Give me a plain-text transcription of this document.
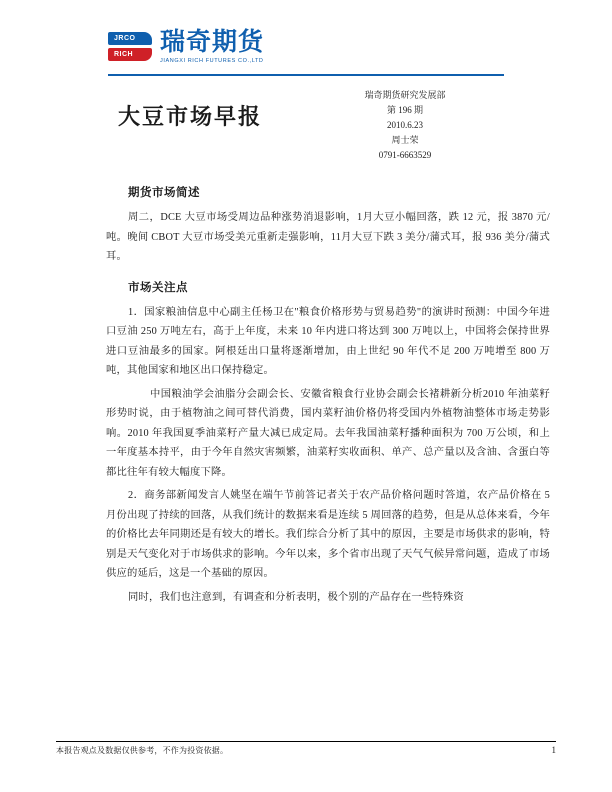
JRCO
RICH 瑞奇期货
JIANGXI RICH FUTURES CO.,LTD
大豆市场早报
瑞奇期货研究发展部
第 196 期
2010.6.23
周士荣
0791-6663529
期货市场简述

周二，DCE 大豆市场受周边品种涨势消退影响，1月大豆小幅回落，跌 12 元，报 3870 元/吨。晚间 CBOT 大豆市场受美元重新走强影响，11月大豆下跌 3 美分/蒲式耳，报 936 美分/蒲式耳。

市场关注点

1．国家粮油信息中心副主任杨卫在"粮食价格形势与贸易趋势"的演讲时预测：中国今年进口豆油 250 万吨左右，高于上年度，未来 10 年内进口将达到 300 万吨以上，中国将会保持世界进口豆油最多的国家。阿根廷出口量将逐渐增加，由上世纪 90 年代不足 200 万吨增至 800 万吨，其他国家和地区出口保持稳定。

中国粮油学会油脂分会副会长、安徽省粮食行业协会副会长褚耕新分析2010 年油菜籽形势时说，由于植物油之间可替代消费，国内菜籽油价格仍将受国内外植物油整体市场走势影响。2010 年我国夏季油菜籽产量大减已成定局。去年我国油菜籽播种面积为 700 万公顷，和上一年度基本持平，由于今年自然灾害频繁，油菜籽实收面积、单产、总产量以及含油、含蛋白等都比往年有较大幅度下降。

2．商务部新闻发言人姚坚在端午节前答记者关于农产品价格问题时答道，农产品价格在 5 月份出现了持续的回落，从我们统计的数据来看是连续 5 周回落的趋势，但是从总体来看，今年的价格比去年同期还是有较大的增长。我们综合分析了其中的原因，主要是市场供求的影响，特别是天气变化对于市场供求的影响。今年以来，多个省市出现了天气气候异常问题，造成了市场供应的延后，这是一个基础的原因。

同时，我们也注意到，有调查和分析表明，极个别的产品存在一些特殊资

本报告观点及数据仅供参考，不作为投资依据。	1
